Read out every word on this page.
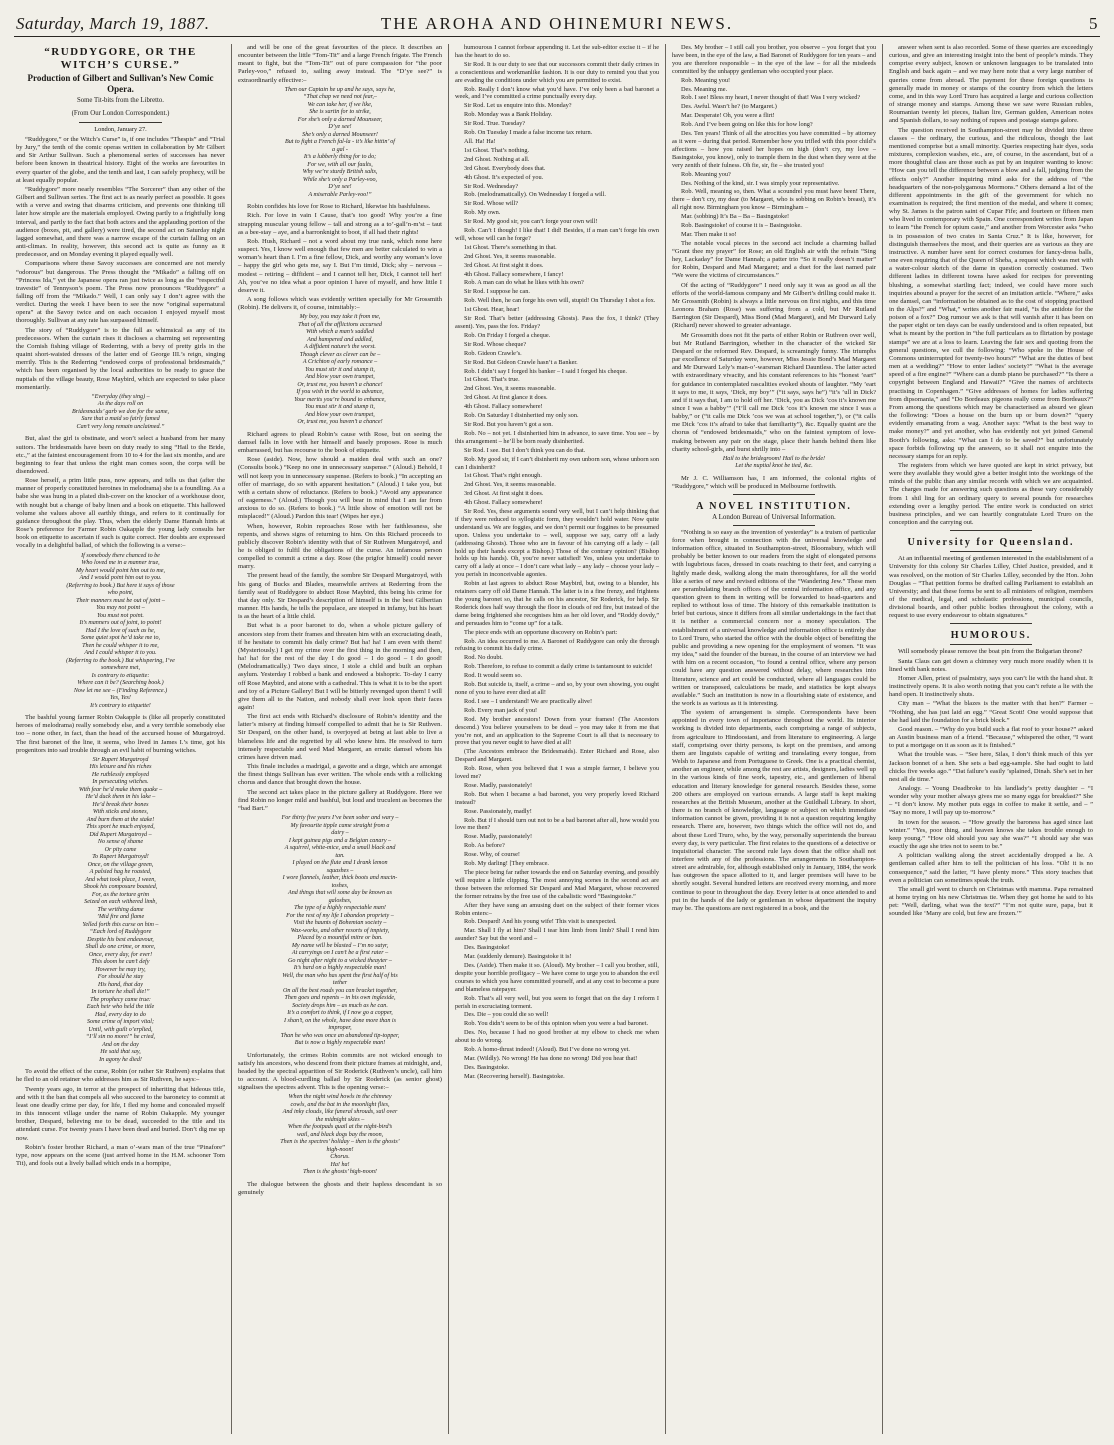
Saturday, March 19, 1887.	THE AROHA AND OHINEMURI NEWS.	5
“RUDDYGORE, OR THE WITCH’S CURSE.”
Production of Gilbert and Sullivan’s New Comic Opera.
Some Tit-bits from the Libretto.
(From Our London Correspondent.)
London, January 27.

“Ruddygore,” or the Witch’s Curse” is, if one includes “Thespis” and “Trial by Jury,” the tenth of the comic operas written in collaboration by Mr Gilbert and Sir Arthur Sullivan. Such a phenomenal series of successes has never before been known in theatrical history. Eight of the works are favourites in every quarter of the globe, and the tenth and last, I can safely prophecy, will be at least equally popular.

“Ruddygore” more nearly resembles “The Sorcerer” than any other of the Gilbert and Sullivan series. The first act is as nearly perfect as possible. It goes with a verve and swing that disarms criticism, and prevents one thinking till later how simple are the materials employed. Owing partly to a frightfully long interval, and partly to the fact that both actors and the applauding portion of the audience (boxes, pit, and gallery) were tired, the second act on Saturday night lagged somewhat, and there was a narrow escape of the curtain falling on an anti-climax. In reality, however, this second act is quite as funny as it predecessor, and on Monday evening it played equally well.

Comparisons where these Savoy successes are concerned are not merely “odorous” but dangerous. The Press thought the “Mikado” a falling off on “Princess Ida,” yet the Japanese opera ran just twice as long as the “respectful travestie” of Tennyson’s poem. The Press now pronounces “Ruddygore” a falling off from the “Mikado.” Well, I can only say I don’t agree with the verdict. During the week I have been to see the now “original supernatural opera” at the Savoy twice and on each occasion I enjoyed myself most thoroughly. Sullivan at any rate has surpassed himself.

The story of “Ruddygore” is to the full as whimsical as any of its predecessors. When the curtain rises it discloses a charming set representing the Cornish fishing village of Rederring, with a bevy of pretty girls in the quaint short-waisted dresses of the latter end of George III.’s reign, singing merrily. This is the Rederring “endowed corps of professional bridesmaids,” which has been organised by the local authorities to be ready to grace the nuptials of the village beauty, Rose Maybird, which are expected to take place momentarily.

“Everyday (they sing) –
As the days roll on
Bridesmaids’ garb we don for the same,
Sure that a maid so fairly famed
Can’t very long remain unclaimed.”

But, alas! the girl is obstinate, and won’t select a husband from her many suitors. The bridesmaids have been on duty ready to sing “Hail to the Bride, etc.,” at the faintest encouragement from 10 to 4 for the last six months, and are beginning to fear that unless the right man comes soon, the corps will be disendowed.

Rose herself, a prim little puss, now appears, and tells us that (after the manner of properly constituted heroines in melodrama) she is a foundling. As a babe she was hung in a plated dish-cover on the knocker of a workhouse door, with nought but a change of baby linen and a book on etiquette. This hallowed volume she values above all earthly things, and refers to it continually for guidance throughout the play. Thus, when the elderly Dame Hannah hints at Rose’s preference for Farmer Robin Oakapple the young lady consults her book on etiquette to ascertain if such is quite correct. Her doubts are expressed vocally in a delightful ballad, of which the following is a verse:–

If somebody there chanced to be
Who loved me in a manner true,
My heart would point him out to me,
And I would point him out to you.
(Referring to book.) But here it says of those
who point,
Their manners must be out of joint –
You may not point –
You must not point.
It’s manners out of joint, to point!
Had I the love of such as he,
Some quiet spot he’d take me to,
Then he could whisper it to me,
And I could whisper it to you.
(Referring to the book.) But whispering, I’ve
somewhere met,
Is contrary to etiquette:
Where can it be? (Searching book.)
Now let me see – (Finding Reference.)
Yes, Yes!
It’s contrary to etiquette!

The bashful young farmer Robin Oakapple is (like all properly constituted heroes of melodrama) really somebody else, and a very terrible somebody else too – none other, in fact, than the head of the accursed house of Murgatroyd. The first baronet of the line, it seems, who lived in James I.’s time, got his progenitors into sad trouble through an evil habit of burning witches.

Sir Rupert Murgatroyd
His leisure and his riches
He ruthlessly employed
In persecuting witches.
With fear he’d make them quake –
He’d duck them in his lake –
He’d break their bones
With sticks and stones,
And burn them at the stake!
This sport he much enjoyed,
Did Rupert Murgatroyd –
No sense of shame
Or pity came
To Rupert Murgatroyd!
Once, on the village green,
A palsied hag he roasted,
And what took place, I ween,
Shook his composure boasted,
For, as the torture grim
Seized on each withered limb,
The writhing dame
’Mid fire and flame
Yelled forth this curse on him –
“Each lord of Ruddygore
Despite his best endeavour,
Shall do one crime, or more,
Once, every day, for ever!
This doom he can’t defy
However he may try,
For should he stay
His hand, that day
In torture he shall die!”
The prophecy came true:
Each heir who held the title
Had, every day to do
Some crime of import vital;
Until, with guilt o’erplied,
“I’ll sin no more!” he cried,
And on the day
He said that say,
In agony he died!

To avoid the effect of the curse, Robin (or rather Sir Ruthven) explains that he fled to an old retainer who addresses him as Sir Ruthven, he says:–

Twenty years ago, in terror at the prospect of inheriting that hideous title, and with it the ban that compels all who succeed to the baronetcy to commit at least one deadly crime per day, for life, I fled my home and concealed myself in this innocent village under the name of Robin Oakapple. My younger brother, Despard, believing me to be dead, succeeded to the title and its attendant curse. For twenty years I have been dead and buried. Don’t dig me up now.

Robin’s foster brother Richard, a man o’-wars man of the true “Pinafore” type, now appears on the scene (just arrived home in the H.M. schooner Tom Tit), and fools out a lively ballad which ends in a hornpipe,

and will be one of the great favourites of the piece. It describes an encounter between the little “Tom-Tit” and a large French frigate. The French meant to fight, but the “Tom-Tit” out of pure compassion for “the poor Parley-voo,” refused to, sailing away instead. The “D’ye see?” is extraordinarily effective:–

Then our Captain he up and he says, says he,
“That chap we need not fear,–
We can take her, if we like,
She is sartin for to strike,
For she’s only a darned Mounseer,
D’ye see!
She’s only a darned Mounseer!
But to fight a French fal-la - it’s like hittin’ of
a gal -
It’s a lubberly thing for to do;
For we, with all our faults,
Why we’re sturdy British salts,
While she’s only a Parley-voo,
D’ye see!
A miserable Parley-voo!”

Robin confides his love for Rose to Richard, likewise his bashfulness.

Rich. For love in vain I Cause, that’s too good! Why you’re a fine strapping muscular young fellow – tall and strong as a to’-gall’n-m’st – taut as a bee-stay – aye, and a barronknight to boot, if all had their rights!

Rob. Hush, Richard – not a word about my true rank, which none here suspect. Yes, I know well enough that few men are better calculated to win a woman’s heart than I. I’m a fine fellow, Dick, and worthy any woman’s love – happy the girl who gets me, say I. But I’m timid, Dick; shy – nervous – modest – retiring – diffident – and I cannot tell her, Dick, I cannot tell her! Ah, you’ve no idea what a poor opinion I have of myself, and how little I deserve it.

A song follows which was evidently written specially for Mr Grossmith (Robin). He delivers it, of course, inimitably:–

My boy, you may take it from me,
That of all the afflictions accursed
With which a man’s saddled
And hampered and addled,
A diffident nature’s the worst.
Though clever as clever can be –
A Crichton of early romance –
You must stir it and stump it,
And blow your own trumpet,
Or, trust me, you haven’t a chance!
If you wish in the world to advance,
Your merits you’re bound to enhance,
You must stir it and stump it,
And blow your own trumpet,
Or, trust me, you haven’t a chance!

Richard agrees to plead Robin’s cause with Rose, but on seeing the damsel falls in love with her himself and basely proposes. Rose is much embarrassed, but has recourse to the book of etiquette.

Rose (aside). Now, how should a maiden deal with such an one? (Consults book.) “Keep no one in unnecessary suspense.” (Aloud.) Behold, I will not keep you in unnecessary suspense. (Refers to book.) “In accepting an offer of marriage, do so with apparent hesitation.” (Aloud.) I take you, but with a certain show of reluctance. (Refers to book.) “Avoid any appearance of eagerness.” (Aloud.) Though you will bear in mind that I am far from anxious to do so. (Refers to book.) “A little show of emotion will not be misplaced!” (Aloud.) Pardon this tear! (Wipes her eye.)

When, however, Robin reproaches Rose with her faithlessness, she repents, and shows signs of returning to him. On this Richard proceeds to publicly discover Robin’s identity with that of Sir Ruthven Murgatroyd, and he is obliged to fulfil the obligations of the curse. An infamous person compelled to commit a crime a day. Rose (the prigfor himself) could never marry.

The present head of the family, the sombre Sir Despard Murgatroyd, with his gang of Bucks and Blades, meanwhile arrives at Rederring from the family seat of Ruddygore to abduct Rose Maybird, this being his crime for that day only. Sir Despard’s description of himself is in the best Gilbertian manner. His hands, he tells the populace, are steeped in infamy, but his heart is as the heart of a little child.

But what is a poor baronet to do, when a whole picture gallery of ancestors step from their frames and threaten him with an excruciating death, if he hesitate to commit his daily crime? But ha! ha! I am even with them! (Mysteriously.) I get my crime over the first thing in the morning and then, ha! ha! for the rest of the day I do good – I do good – I do good! (Melodramatically.) Two days since, I stole a child and built an orphan asylum. Yesterday I robbed a bank and endowed a bishopric. To-day I carry off Rose Maybird, and atone with a cathedral. This is what it is to be the sport and toy of a Picture Gallery! But I will be bitterly revenged upon them! I will give them all to the Nation, and nobody shall ever look upon their faces again!

The first act ends with Richard’s disclosure of Robin’s identity and the latter’s misery at finding himself compelled to admit that he is Sir Ruthven. Sir Despard, on the other hand, is overjoyed at being at last able to live a blameless life and die regretted by all who knew him. He resolved to turn intensely respectable and wed Mad Margaret, an erratic damsel whom his crimes have driven mad.

This finale includes a madrigal, a gavotte and a dirge, which are amongst the finest things Sullivan has ever written. The whole ends with a rollicking chorus and dance that brought down the house.

The second act takes place in the picture gallery at Ruddygore. Here we find Robin no longer mild and bashful, but loud and truculent as becomes the “bad Bart.”

For thirty five years I’ve been sober and wary –
My favourite tipple came straight from a
dairy –
I kept guinea pigs and a Belgian canary –
A squirrel, white-mice, and a small black and
tan.
I played on the flute and I drank lemon
squashes –
I wore flannels, leather, thick boots and macin-
toshes,
And things that will some day be known as
galoshes,
The type of a highly respectable man!
For the rest of my life I abandon propriety –
Visit the haunts of Bohemian society –
Wax-works, and other resorts of impiety,
Placed by a mountful mitre or ban.
My name will be blasted – I’m no satyr,
At carryings on I can’t be a first rater –
Go night after night to a wicked theayter –
It’s hard on a highly respectable man!
Well, the man who has spent the first half of his
tether
On all the best roads you can bracket together,
Then goes and repents – in his own ingleside,
Society drops him – as much as he can.
It’s a comfort to think, if I now go a copper,
I shan’t, on the whole, have done more than is
improper,
Than he who was once an abandoned tip-topper,
But is now a highly respectable man!

Unfortunately, the crimes Robin commits are not wicked enough to satisfy his ancestors, who descend from their picture frames at midnight, and, headed by the spectral apparition of Sir Roderick (Ruthven’s uncle), call him to account. A blood-curdling ballad by Sir Roderick (as senior ghost) signalises the spectres advent. This is the opening verse:–

When the night wind howls in the chimney
cowls, and the bat in the moonlight flies,
And inky clouds, like funeral shrouds, sail over
the midnight skies –
When the footpads quail at the night-bird’s
wail, and black dogs bay the moon,
Then is the spectres’ holiday – then is the ghosts’
high-noon!
Chorus.
Ha! ha!
Then is the ghosts’ high-noon!

The dialogue between the ghosts and their hapless descendant is so genuinely

humourous I cannot forbear appending it. Let the sub-editor excise it – if he has the heart to do so.

Sir Rod. It is our duty to see that our successors commit their daily crimes in a conscientious and workmanlike fashion. It is our duty to remind you that you are evading the conditions under which you are permitted to exist.

Rob. Really I don’t know what you’d have. I’ve only been a bad baronet a week, and I’ve committed a crime punctually every day.

Sir Rod. Let us enquire into this. Monday?

Rob. Monday was a Bank Holiday.

Sir Rod. True. Tuesday?

Rob. On Tuesday I made a false income tax return.

All. Ha! Ha!

1st Ghost. That’s nothing.

2nd Ghost. Nothing at all.

3rd Ghost. Everybody does that.

4th Ghost. It’s expected of you.

Sir Rod. Wednesday?

Rob. (melodramatically). On Wednesday I forged a will.

Sir Rod. Whose will?

Rob. My own.

Sir Rod. My good sir, you can’t forge your own will!

Rob. Can’t I though! I like that! I did! Besides, if a man can’t forge his own will, whose will can he forge?

1st Ghost. There’s something in that.

2nd Ghost. Yes, it seems reasonable.

3rd Ghost. At first sight it does.

4th Ghost. Fallacy somewhere, I fancy!

Rob. A man can do what he likes with his own?

Sir Rod. I suppose he can.

Rob. Well then, he can forge his own will, stupid! On Thursday I shot a fox.

1st Ghost. Hear, hear!

Sir Rod. That’s better (addressing Ghosts). Pass the fox, I think? (They assent). Yes, pass the fox. Friday?

Rob. On Friday I forged a cheque.

Sir Rod. Whose cheque?

Rob. Gideon Crawle’s.

Sir Rod. But Gideon Crawle hasn’t a Banker.

Rob. I didn’t say I forged his banker – I said I forged his cheque.

1st Ghost. That’s true.

2nd Ghost. Yes, it seems reasonable.

3rd Ghost. At first glance it does.

4th Ghost. Fallacy somewhere!

Rob. On Saturday I disinherited my only son.

Sir Rod. But you haven’t got a son.

Rob. No – not yet. I disinherited him in advance, to save time. You see – by this arrangement – he’ll be born ready disinherited.

Sir Rod. I see. But I don’t think you can do that.

Rob. My good sir, if I can’t disinherit my own unborn son, whose unborn son can I disinherit?

1st Ghost. That’s right enough.

2nd Ghost. Yes, it seems reasonable.

3rd Ghost. At first sight it does.

4th Ghost. Fallacy somewhere!

Sir Rod. Yes, these arguments sound very well, but I can’t help thinking that if they were reduced to syllogistic form, they wouldn’t hold water. Now quite understand us. We are foggies, and we don’t permit our foggines to be presumed upon. Unless you undertake to – well, suppose we say, carry off a lady (addressing Ghosts). Those who are in favour of his carrying off a lady – (all hold up their hands except a Bishop.) Those of the contrary opinion? (Bishop holds up his hands). Oh, you’re never satisfied! Yes, unless you undertake to carry off a lady at once – I don’t care what lady – any lady – choose your lady – you perish in inconceivable agonies.

Robin at last agrees to abduct Rose Maybird, but, owing to a blunder, his retainers carry off old Dame Hannah. The latter is in a fine frenzy, and frightens the young baronet so, that he calls on his ancestor, Sir Roderick, for help. Sir Roderick does half way through the floor in clouds of red fire, but instead of the dame being frightened she recognises him as her old lover, and “Roddy dovdy,” and persuades him to “come up” for a talk.

The piece ends with an opportune discovery on Robin’s part:

Rob. An idea occurred to me. A Baronet of Ruddygore can only die through refusing to commit his daily crime.

Rod. No doubt.

Rob. Therefore, to refuse to commit a daily crime is tantamount to suicide!

Rod. It would seem so.

Rob. But suicide is, itself, a crime – and so, by your own showing, you ought none of you to have ever died at all!

Rod. I see – I understand! We are practically alive!

Rob. Every man jack of you!

Rod. My brother ancestors! Down from your frames! (The Ancestors descend.) You believe yourselves to be dead – you may take it from me that you’re not, and an application to the Supreme Court is all that is necessary to prove that you never ought to have died at all!

(The Ancestors embrace the Bridesmaids). Enter Richard and Rose, also Despard and Margaret.

Rob. Rose, when you believed that I was a simple farmer, I believe you loved me?

Rose. Madly, passionately!

Rob. But when I became a bad baronet, you very properly loved Richard instead?

Rose. Passionately, madly!

Rob. But if I should turn out not to be a bad baronet after all, how would you love me then?

Rose. Madly, passionately!

Rob. As before?

Rose. Why, of course!

Rob. My darling! [They embrace.

The piece being far rather towards the end on Saturday evening, and possibly will require a little clipping. The most annoying scenes in the second act are those between the reformed Sir Despard and Mad Margaret, whose recovered the former retrains by the free use of the cabalistic word “Basingstoke.”

After they have sung an amusing duet on the subject of their former vices Robin enters:–

Rob. Despard! And his young wife! This visit is unexpected.

Mar. Shall I fly at him? Shall I tear him limb from limb? Shall I rend him asunder? Say but the word and –

Des. Basingstoke!

Mar. (suddenly demure). Basingstoke it is!

Des. (Aside). Then make it so. (Aloud). My brother – I call you brother, still, despite your horrible profligacy – We have come to urge you to abandon the evil courses to which you have committed yourself, and at any cost to become a pure and blameless ratepayer.

Rob. That’s all very well, but you seem to forget that on the day I reform I perish in excruciating torment.

Des. Die – you could die so well!

Rob. You didn’t seem to be of this opinion when you were a bad baronet.

Des. No, because I had no good brother at my elbow to check me when about to do wrong.

Rob. A homo-thrust indeed! (Aloud). But I’ve done no wrong yet.

Mar. (Wildly). No wrong! He has done no wrong! Did you hear that!

Des. Basingstoke.

Mar. (Recovering herself). Basingstoke.

Des. My brother – I still call you brother, you observe – you forget that you have been, in the eye of the law, a Bad Baronet of Ruddygore for ten years – and you are therefore responsible – in the eye of the law – for all the misdeeds committed by the unhappy gentleman who occupied your place.

Rob. Meaning you!

Des. Meaning me.

Rob. I see! Bless my heart, I never thought of that! Was I very wicked?

Des. Awful. Wasn’t he? (to Margaret.)

Mar. Desperate! Oh, you were a flirt!

Rob. And I’ve been going on like this for how long?

Des. Ten years! Think of all the atrocities you have committed – by attorney as it were – during that period. Remember how you trifled with this poor child’s affections – how you raised her hopes on high (don’t cry, my love – Basingstoke, you know), only to trample them in the dust when they were at the very zenith of their fulness. Oh fie, sir, fie – she trusted you!

Rob. Meaning you?

Des. Nothing of the kind, sir. I was simply your representative.

Rob. Well, meaning so, then. What a scoundrel you must have been! There, there – don’t cry, my dear (to Margaret, who is sobbing on Robin’s breast), it’s all right now. Birmingham you know – Birmingham –

Mar. (sobbing) It’s Ba – Ba – Basingstoke!

Rob. Basingstoke! of course it is – Basingstoke.

Mar. Then make it so!

The notable vocal pieces in the second act include a charming ballad “Grant thee my prayer” for Rose; an old English air with the refrain “Sing hey, Lackaday” for Dame Hannah; a patter trio “So it really doesn’t matter” for Robin, Despard and Mad Margaret; and a duet for the last named pair “We were the victims of circumstances.”

Of the acting of “Ruddygore” I need only say it was as good as all the efforts of the world-famous company and Mr Gilbert’s drilling could make it. Mr Grossmith (Robin) is always a little nervous on first nights, and this time Leonora Braham (Rose) was suffering from a cold, but Mr Rutland Barrington (Sir Despard), Miss Bond (Mad Margaret), and Mr Durward Lely (Richard) never showed to greater advantage.

Mr Grossmith does not fit the parts of either Robin or Ruthven over well, but Mr Rutland Barrington, whether in the character of the wicked Sir Despard or the reformed Rev. Despard, is screamingly funny. The triumphs par excellence of Saturday were, however, Miss Jessie Bond’s Mad Margaret and Mr Durward Lely’s man-o’-warsman Richard Dauntless. The latter acted with extraordinary vivacity, and his constant references to his “honest ’eart” for guidance in contemplated rascalities evoked shouts of laughter. “My ’eart it says to me, it says, ‘Dick, my boy’” (“it says, says he”) “it’s ’ull in Dick? and if it says that, I am to hold off her. ‘Dick, you as Dick ’cos it’s known me since I was a babby’” (“I’ll call me Dick ’cos it’s known me since I was a babby,” or (“it calls me Dick ’cos we was at school together,”), or (“it calls me Dick ’cos it’s afraid to take that familiarity”), &c. Equally quaint are the chorus of “endowed bridesmaids,” who on the faintest symptom of love-making between any pair on the stage, place their hands behind them like charity school-girls, and burst shrilly into –

Hail to the bridegroom! Hail to the bride!
Let the nuptial knot be tied, &c.

Mr J. C. Williamson has, I am informed, the colonial rights of “Ruddygore,” which will be produced in Melbourne forthwith.

A NOVEL INSTITUTION.
A London Bureau of Universal Information.

“Nothing is so easy as the invention of yesterday” is a truism of particular force when brought in connection with the universal knowledge and information office, situated in Southampton-street, Bloomsbury, which will probably be better known to our readers from the sight of elongated persons with lugubrious faces, dressed in coats reaching to their feet, and carrying a lightly made desk, walking along the main thoroughfares, for all the world like a series of new and revised editions of the “Wandering Jew.” These men are perambulating branch offices of the central information office, and any question given to them in writing will be forwarded to head-quarters and replied to without loss of time. The history of this remarkable institution is brief but curious, since it differs from all similar undertakings in the fact that it is neither a commercial concern nor a money speculation. The establishment of a universal knowledge and information office is entirely due to Lord Truro, who started the office with the double object of benefiting the public and providing a new opening for the employment of women. “It was my idea,” said the founder of the bureau, in the course of an interview we had with him on a recent occasion, “to found a central office, where any person could have any question answered without delay, where researches into literature, science and art could be conducted, where all languages could be written or transposed, calculations be made, and statistics be kept always available.” Such an institution is now in a flourishing state of existence, and the work is as various as it is interesting.

The system of arrangement is simple. Correspondents have been appointed in every town of importance throughout the world. Its interior working is divided into departments, each comprising a range of subjects, from agriculture to Hindoostani, and from literature to engineering. A large staff, comprising over thirty persons, is kept on the premises, and among them are linguists capable of writing and translating every tongue, from Welsh to Japanese and from Portuguese to Greek. One is a practical chemist, another an engineer, while among the rest are artists, designers, ladies well up in the various kinds of fine work, tapestry, etc., and gentlemen of liberal education and literary knowledge for general research. Besides these, some 200 others are employed on various errands. A large staff is kept making researches at the British Museum, another at the Guildhall Library. In short, there is no branch of knowledge, language or subject on which immediate information cannot be given, providing it is not a question requiring lengthy research. There are, however, two things which the office will not do, and about these Lord Truro, who, by the way, personally superintends the bureau every day, is very particular. The first relates to the questions of a detective or inquisitorial character. The second rule lays down that the office shall not interfere with any of the professions. The arrangements in Southampton-street are admirable, for, although established only in January, 1884, the work has outgrown the space allotted to it, and larger premises will have to be shortly sought. Several hundred letters are received every morning, and more continue to pour in throughout the day. Every letter is at once attended to and put in the hands of the lady or gentleman in whose department the inquiry may be. The questions are next registered in a book, and the

answer when sent is also recorded. Some of these queries are exceedingly curious, and give an interesting insight into the bent of people’s minds. They comprise every subject, known or unknown languages to be translated into English and back again – and we may here note that a very large number of queries come from abroad. The payment for these foreign questions is generally made in money or stamps of the country from which the letters come, and in this way Lord Truro has acquired a large and curious collection of strange money and stamps. Among these we saw were Russian rubles, Roumanian twenty lei pieces, Italian lire, German gulden, American notes and Spanish dollars, to say nothing of rupees and postage stamps galore.

The question received in Southampton-street may be divided into three classes – the ordinary, the curious, and the ridiculous, though the last mentioned comprise but a small minority. Queries respecting hair dyes, soda mixtures, complexion washes, etc., are, of course, in the ascendant, but of a more thoughtful class are those such as put by an inquirer wanting to know: “How can you tell the difference between a blow and a fall, judging from the effects only?” Another inquiring mind asks for the address of “the headquarters of the non-polygamous Mormons.” Others demand a list of the different appointments in the gift of the government for which no examination is required; the first mention of the medal, and where it comes; why St. James is the patron saint of Cupar Fife; and fourteen or fifteen men who lived in contemporary with Spain. One correspondent writes from Japan to learn “the French for opium caste,” and another from Worcester asks “who is in possession of two crates in Santa Cruz.” It is like, however, for distinguish themselves the most, and their queries are as various as they are instructive. A number have sent for correct costumes for fancy-dress balls, one even requiring that of the Queen of Sheba, a request which was met with a water-colour sketch of the dame in question correctly costumed. Two different ladies in different towns have asked for recipes for preventing blushing, a somewhat startling fact; indeed, we could have more such inquiries abound a prayer for the secret of an imitation article. “Where,” asks one damsel, can “information be obtained as to the cost of stopping practised in the Alps?” and “What,” writes another fair maid, “is the antidote for the poison of a fox?” Dog rumour we ask is that will vanish after it has been on the paper eight or ten days can be easily understood and is often repeated, but what is meant by the portion in “the full particulars as to flirtation by postage stamps” we are at a loss to learn. Leaving the fair sex and quoting from the general questions, we cull the following: “Who spoke in the House of Commons uninterrupted for twenty-two hours?” “What are the duties of best men at a wedding?” “How to enter ladies’ society?” “What is the average speed of a fire engine?” “Where can a dumb piano be purchased?” “Is there a copyright between England and Hawaii?” “Give the names of architects practising in Copenhagen.” “Give addresses of homes for ladies suffering from dipsomania,” and “Do Bordeaux pigeons really come from Bordeaux?” From among the questions which may be characterised as absurd we glean the following: “Does a house on the burn up or burn down?” “query evidently emanating from a wag. Another says: “What is the best way to make money?” and yet another, who has evidently not yet joined General Booth’s following, asks: “What can I do to be saved?” but unfortunately space forbids following up the answers, so it shall not enquire into the necessary stamps for an reply.

The registers from which we have quoted are kept in strict privacy, but were they available they would give a better insight into the workings of the minds of the public than any similar records with which we are acquainted. The charges made for answering such questions as these vary considerably from 1 shil ling for an ordinary query to several pounds for researches extending over a lengthy period. The entire work is conducted on strict business principles, and we can heartily congratulate Lord Truro on the conception and the carrying out.

University for Queensland.

At an influential meeting of gentlemen interested in the establishment of a University for this colony Sir Charles Lilley, Chief Justice, presided, and it was resolved, on the motion of Sir Charles Lilley, seconded by the Hon. John Douglas – “That petition forms be drafted calling Parliament to establish an University; and that these forms be sent to all ministers of religion, members of the medical, legal, and scholastic professions, municipal councils, divisional boards, and other public bodies throughout the colony, with a request to use every endeavour to obtain signatures.”

HUMOROUS.

Will somebody please remove the boat pin from the Bulgarian throne?

Santa Claus can get down a chimney very much more readily when it is lined with bank notes.

Homer Allen, priest of psalmistry, says you can’t lie with the hand shut. It instinctively opens. It is also worth noting that you can’t refute a lie with the hand open. It instinctively shuts.

City man – “What the blazes is the matter with that hen?” Farmer – “Nothing, she has just laid an egg.” “Great Scott! One would suppose that she had laid the foundation for a brick block.”

Good reason. – “Why do you build such a flat roof to your house?” asked an Austin business man of a friend. “Because,” whispered the other, “I want to put a mortgage on it as soon as it is finished.”

What the trouble was. – “See here, Silas, I don’t think much of this yer Jackson bonnet of a hen. She sets a bad egg-sample. She had ought to laid chicks five weeks ago.” “Dat failure’s easily ’splained, Dinah. She’s set in her nest all de time.”

Analogy. – Young Deadbroke to his landlady’s pretty daughter – “I wonder why your mother always gives me so many eggs for breakfast?” She – “I don’t know. My mother puts eggs in coffee to make it settle, and – ” “Say no more, I will pay up to-morrow.”

In town for the season. – “How greatly the baroness has aged since last winter.” “Yes, poor thing, and heaven knows she takes trouble enough to keep young.” “How old should you say she was?” “I should say she was exactly the age she tries not to seem to be.”

A politician walking along the street accidentally dropped a lie. A gentleman called after him to tell the politician of his loss. “Oh! it is no consequence,” said the latter, “I have plenty more.” This story teaches that even a politician can sometimes speak the truth.

The small girl went to church on Christmas with mamma. Papa remained at home trying on his new Christmas tie. When they got home he said to his pet: “Well, darling, what was the text?” “I’m not quite sure, papa, but it sounded like ‘Many are cold, but few are frozen.’”
